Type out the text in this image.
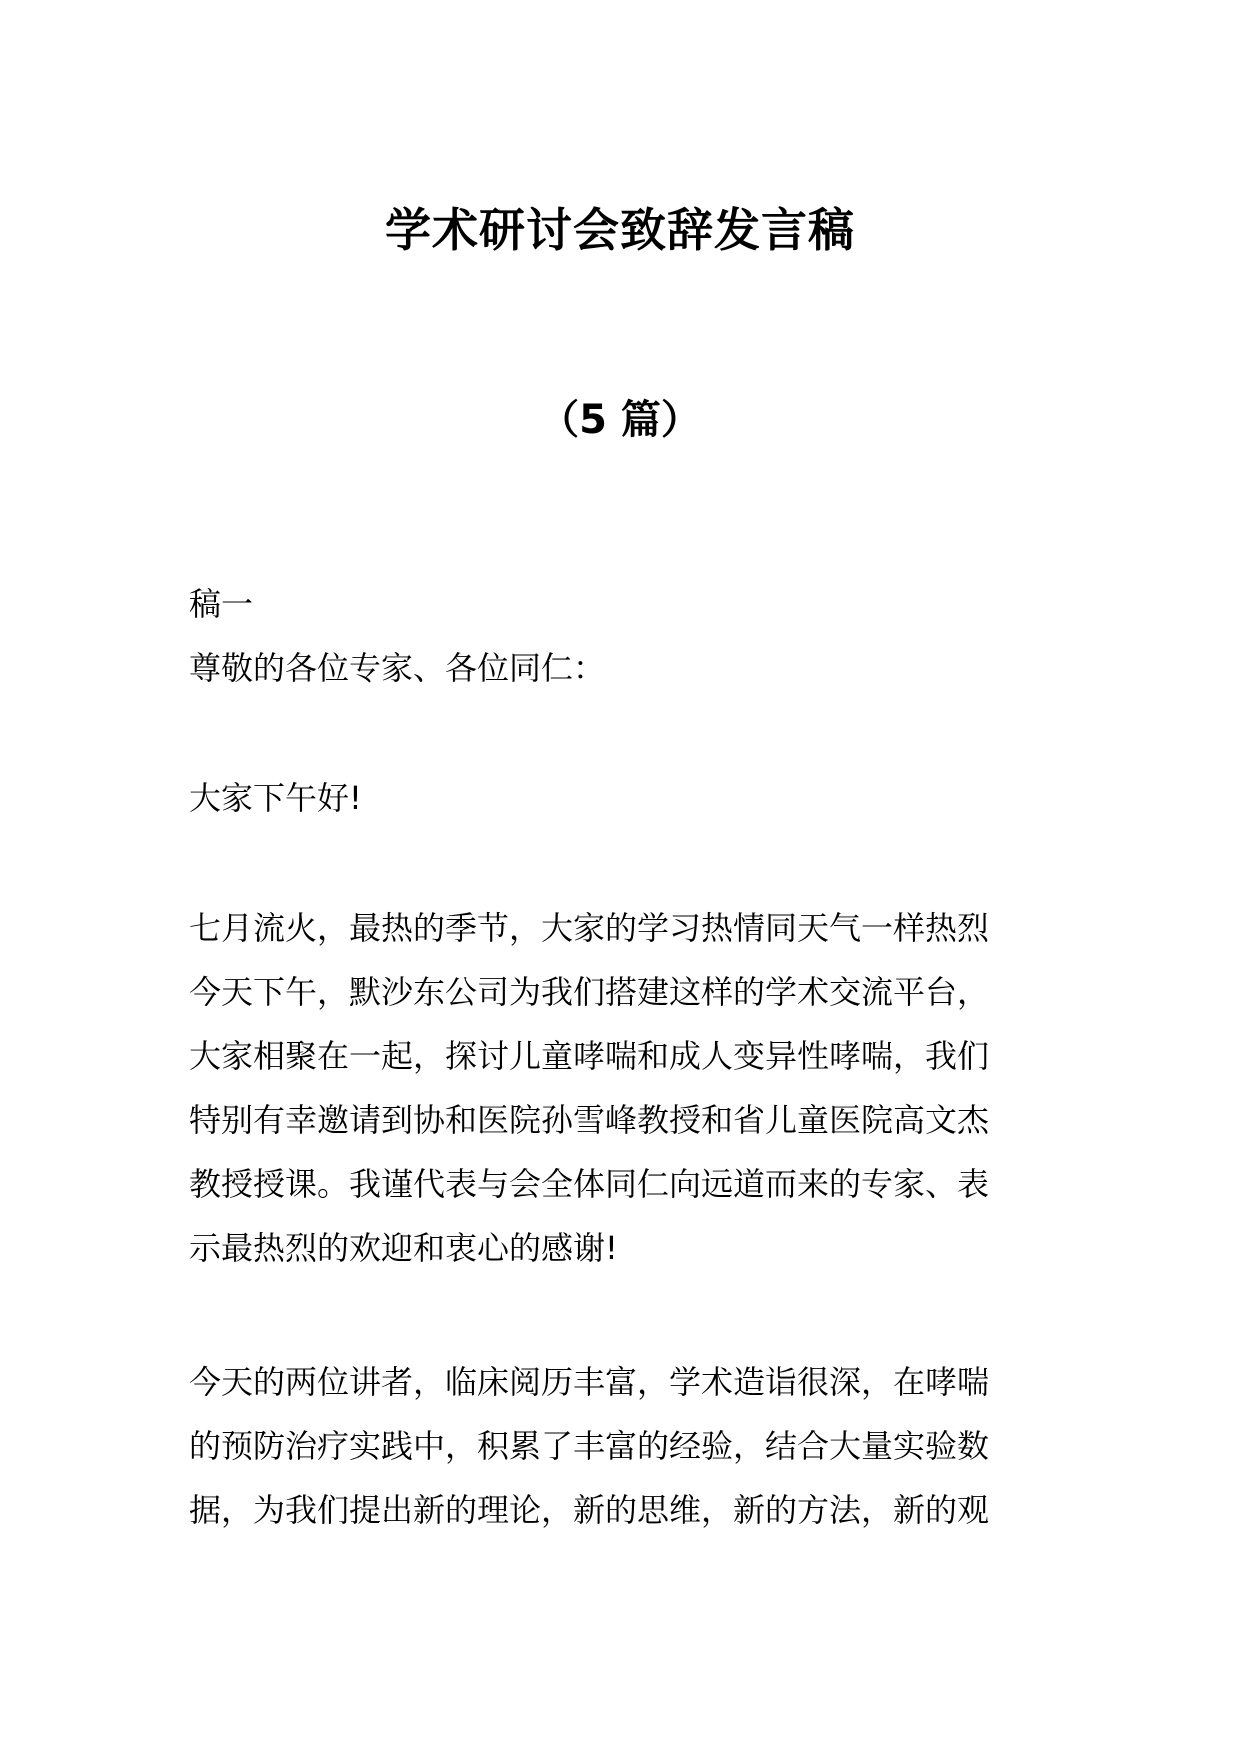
学术研讨会致辞发言稿
（5 篇）
稿一
尊敬的各位专家、各位同仁：
大家下午好!
七月流火，最热的季节，大家的学习热情同天气一样热烈
今天下午，默沙东公司为我们搭建这样的学术交流平台，
大家相聚在一起，探讨儿童哮喘和成人变异性哮喘，我们
特别有幸邀请到协和医院孙雪峰教授和省儿童医院高文杰
教授授课。我谨代表与会全体同仁向远道而来的专家、表
示最热烈的欢迎和衷心的感谢!
今天的两位讲者，临床阅历丰富，学术造诣很深，在哮喘
的预防治疗实践中，积累了丰富的经验，结合大量实验数
据，为我们提出新的理论，新的思维，新的方法，新的观
